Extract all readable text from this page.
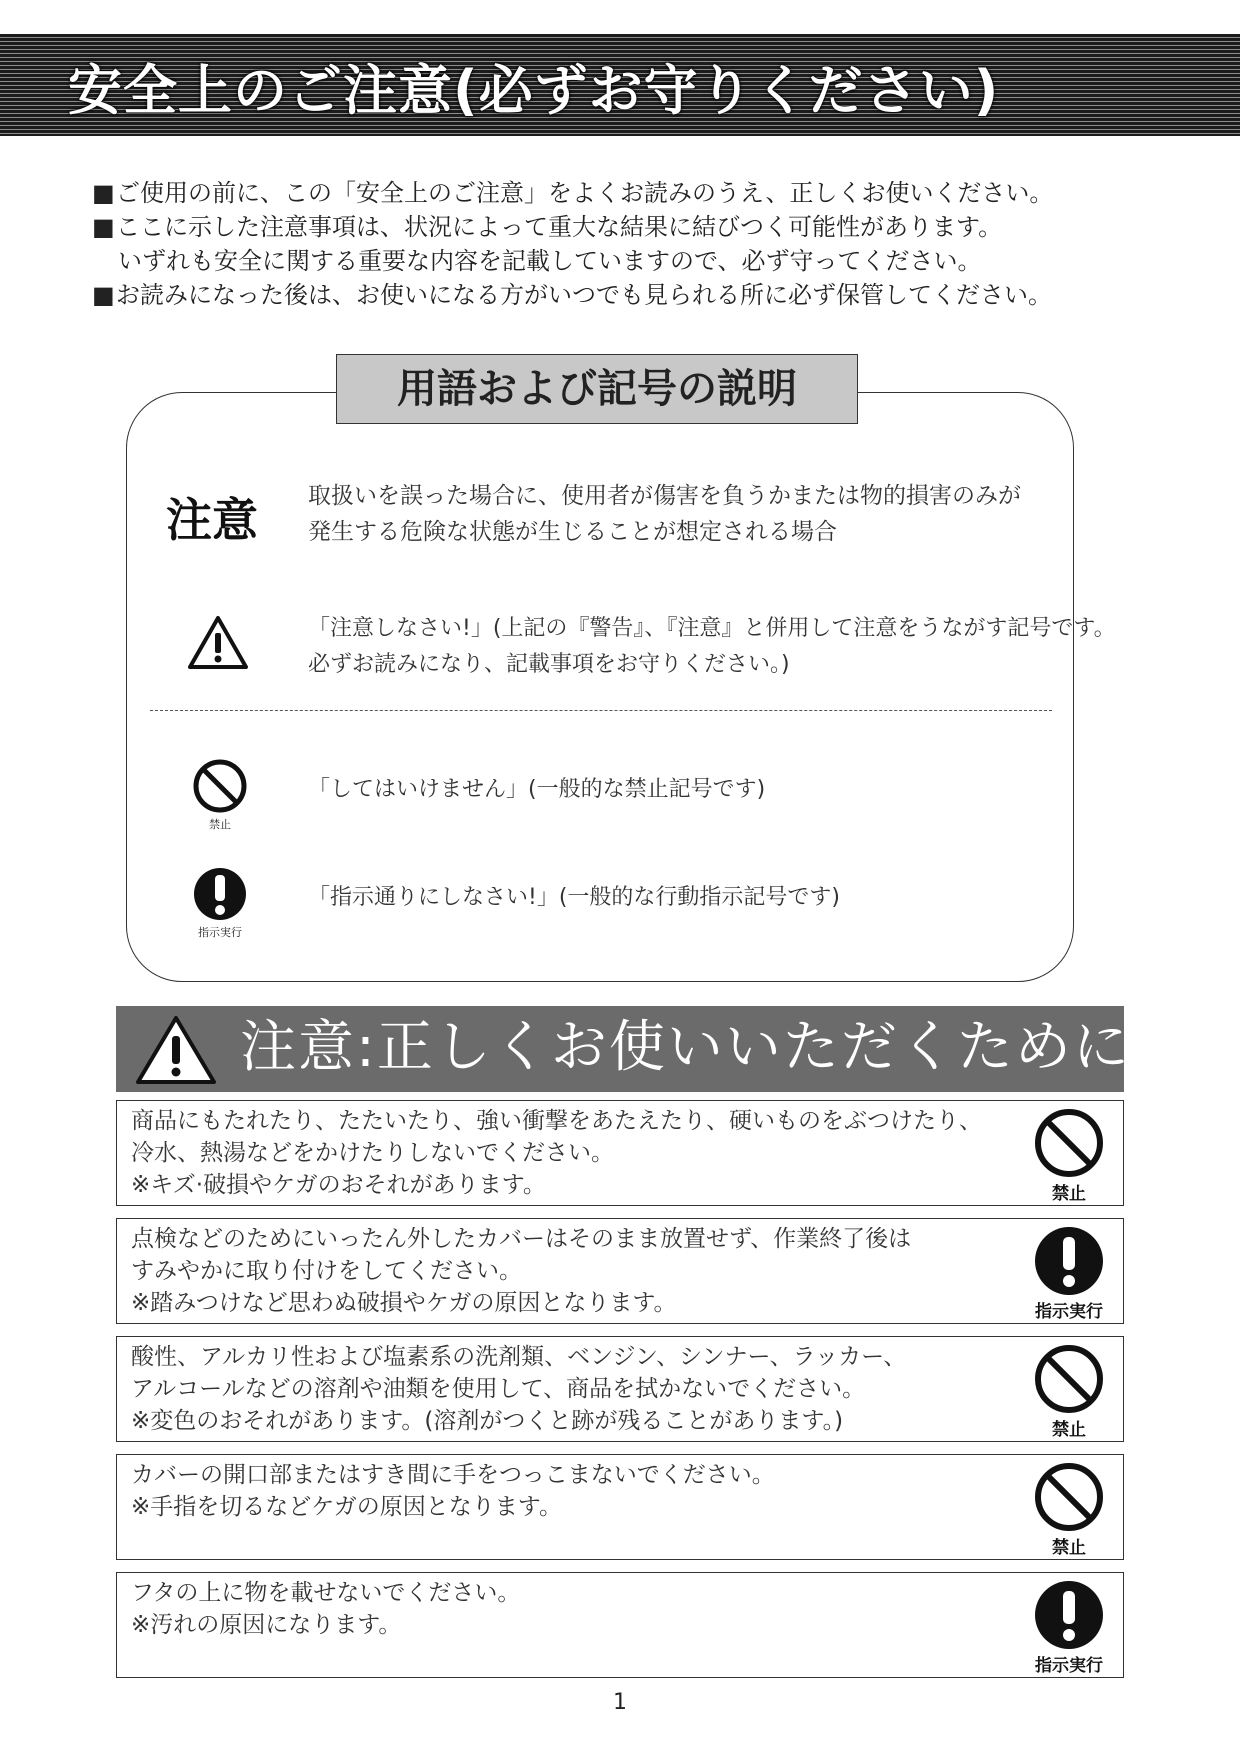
安全上のご注意(必ずお守りください)
■ご使用の前に、この「安全上のご注意」をよくお読みのうえ、正しくお使いください。
■ここに示した注意事項は、状況によって重大な結果に結びつく可能性があります。
いずれも安全に関する重要な内容を記載していますので、必ず守ってください。
■お読みになった後は、お使いになる方がいつでも見られる所に必ず保管してください。
用語および記号の説明
注意 取扱いを誤った場合に、使用者が傷害を負うかまたは物的損害のみが
発生する危険な状態が生じることが想定される場合
「注意しなさい!」(上記の『警告』、『注意』と併用して注意をうながす記号です。
必ずお読みになり、記載事項をお守りください。)
禁止
「してはいけません」(一般的な禁止記号です)
指示実行
「指示通りにしなさい!」(一般的な行動指示記号です)
注意:正しくお使いいただくために
商品にもたれたり、たたいたり、強い衝撃をあたえたり、硬いものをぶつけたり、
冷水、熱湯などをかけたりしないでください。
※キズ·破損やケガのおそれがあります。	禁止
点検などのためにいったん外したカバーはそのまま放置せず、作業終了後は
すみやかに取り付けをしてください。
※踏みつけなど思わぬ破損やケガの原因となります。	指示実行
酸性、アルカリ性および塩素系の洗剤類、ベンジン、シンナー、ラッカー、
アルコールなどの溶剤や油類を使用して、商品を拭かないでください。
※変色のおそれがあります。(溶剤がつくと跡が残ることがあります。)	禁止
カバーの開口部またはすき間に手をつっこまないでください。
※手指を切るなどケガの原因となります。
禁止
フタの上に物を載せないでください。
※汚れの原因になります。
指示実行
1
